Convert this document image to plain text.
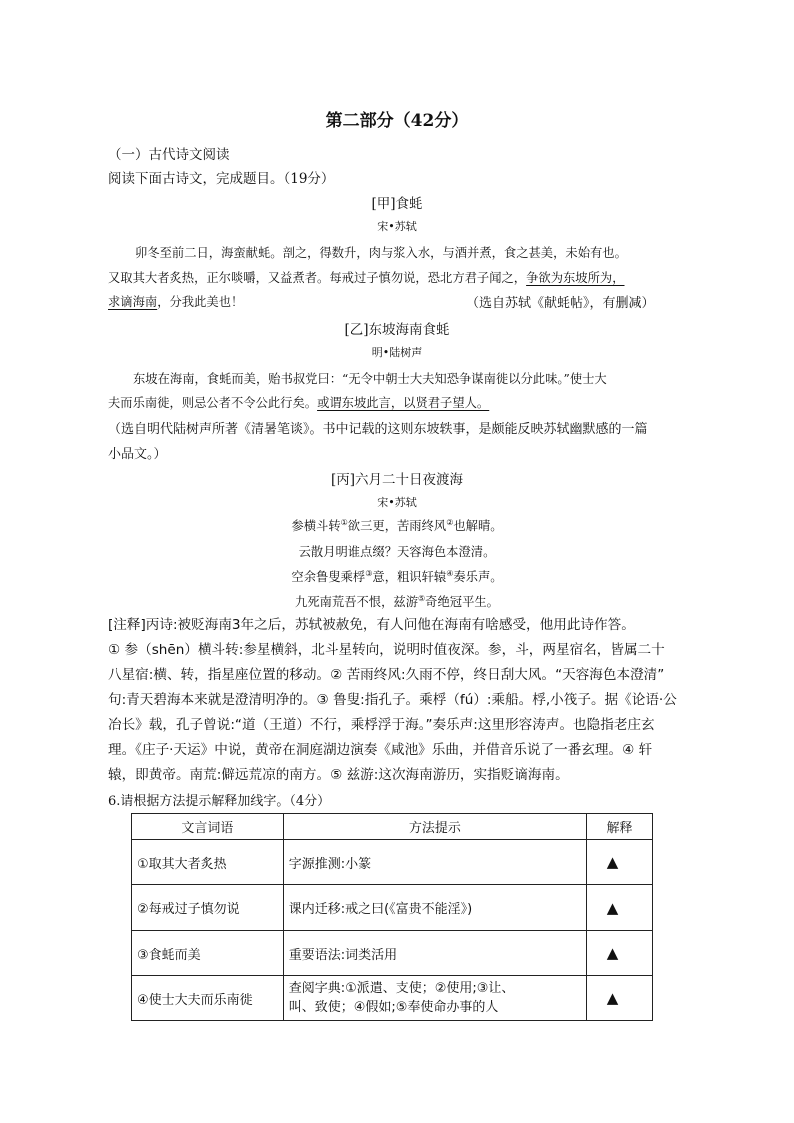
第二部分（42分）
（一）古代诗文阅读
阅读下面古诗文，完成题目。（19分）
[甲]食蚝
宋•苏轼
卯冬至前二日，海蛮献蚝。剖之，得数升，肉与浆入水，与酒并煮，食之甚美，未始有也。
又取其大者炙热，正尔啖嚼，又益煮者。每戒过子慎勿说，恐北方君子闻之，争欲为东坡所为，
求谪海南，分我此美也！	（选自苏轼《献蚝帖》，有删减）
[乙]东坡海南食蚝
明•陆树声
东坡在海南，食蚝而美，贻书叔党曰：“无令中朝士大夫知恐争谋南徙以分此味。”使士大
夫而乐南徙，则忌公者不令公此行矣。或谓东坡此言，以贤君子望人。
（选自明代陆树声所著《清暑笔谈》。书中记载的这则东坡轶事，是颇能反映苏轼幽默感的一篇
小品文。）
[丙]六月二十日夜渡海
宋•苏轼
参横斗转①欲三更，苦雨终风②也解晴。
云散月明谁点缀？天容海色本澄清。
空余鲁叟乘桴③意，粗识轩辕④奏乐声。
九死南荒吾不恨，兹游⑤奇绝冠平生。
[注释]丙诗:被贬海南3年之后，苏轼被赦免，有人问他在海南有啥感受，他用此诗作答。
① 参（shēn）横斗转:参星横斜，北斗星转向，说明时值夜深。参，斗，两星宿名，皆属二十
八星宿:横、转，指星座位置的移动。② 苦雨终风:久雨不停，终日刮大风。“天容海色本澄清”
句:青天碧海本来就是澄清明净的。③ 鲁叟:指孔子。乘桴（fú）:乘船。桴,小筏子。据《论语·公
冶长》载，孔子曾说:“道（王道）不行，乘桴浮于海。”奏乐声:这里形容涛声。也隐指老庄玄
理。《庄子·天运》中说，黄帝在洞庭湖边演奏《咸池》乐曲，并借音乐说了一番玄理。④ 轩
辕，即黄帝。南荒:僻远荒凉的南方。⑤ 兹游:这次海南游历，实指贬谪海南。
6.请根据方法提示解释加线字。（4分）
文言词语	方法提示	解释
①取其大者炙热	字源推测:小篆	▲
②每戒过子慎勿说	课内迁移:戒之曰(《富贵不能淫》)	▲
③食蚝而美	重要语法:词类活用	▲
④使士大夫而乐南徙	查阅字典:①派遣、支使；②使用;③让、
叫、致使；④假如;⑤奉使命办事的人	▲
